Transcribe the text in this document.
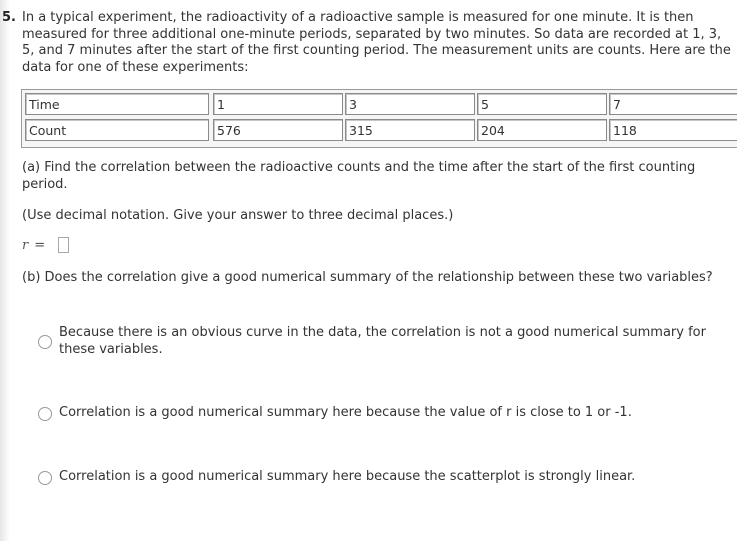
5. In a typical experiment, the radioactivity of a radioactive sample is measured for one minute. It is then measured for three additional one-minute periods, separated by two minutes. So data are recorded at 1, 3, 5, and 7 minutes after the start of the first counting period. The measurement units are counts. Here are the data for one of these experiments:

Time	1	3	5	7
Count	576	315	204	118

(a) Find the correlation between the radioactive counts and the time after the start of the first counting period.

(Use decimal notation. Give your answer to three decimal places.)

r =

(b) Does the correlation give a good numerical summary of the relationship between these two variables?

Because there is an obvious curve in the data, the correlation is not a good numerical summary for these variables.

Correlation is a good numerical summary here because the value of r is close to 1 or -1.

Correlation is a good numerical summary here because the scatterplot is strongly linear.
